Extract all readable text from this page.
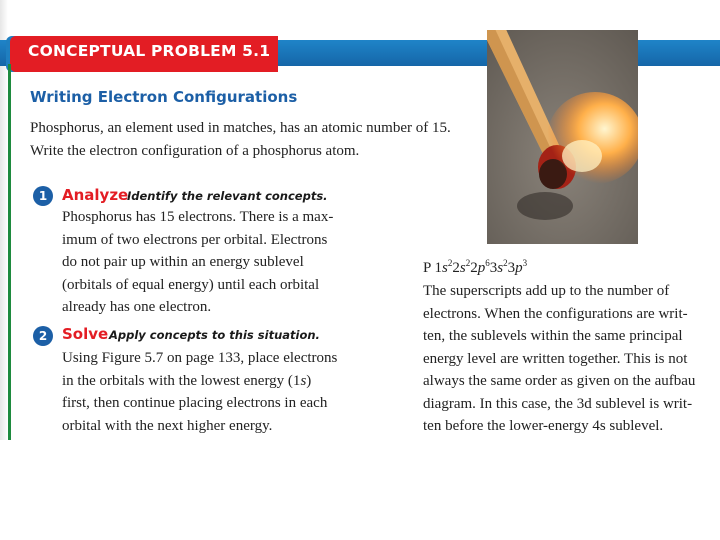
CONCEPTUAL PROBLEM 5.1
Writing Electron Configurations

Phosphorus, an element used in matches, has an atomic number of 15. Write the electron configuration of a phosphorus atom.

1 Analyze
Identify the relevant concepts.
Phosphorus has 15 electrons. There is a max-
imum of two electrons per orbital. Electrons
do not pair up within an energy sublevel
(orbitals of equal energy) until each orbital
already has one electron.
2 Solve Apply concepts to this situation.
Using Figure 5.7 on page 133, place electrons
in the orbitals with the lowest energy (1s)
first, then continue placing electrons in each
orbital with the next higher energy.
P $1s^22s^22p^63s^23p^3$
The superscripts add up to the number of
electrons. When the configurations are writ-
ten, the sublevels within the same principal
energy level are written together. This is not
always the same order as given on the aufbau
diagram. In this case, the 3d sublevel is writ-
ten before the lower-energy 4s sublevel.
